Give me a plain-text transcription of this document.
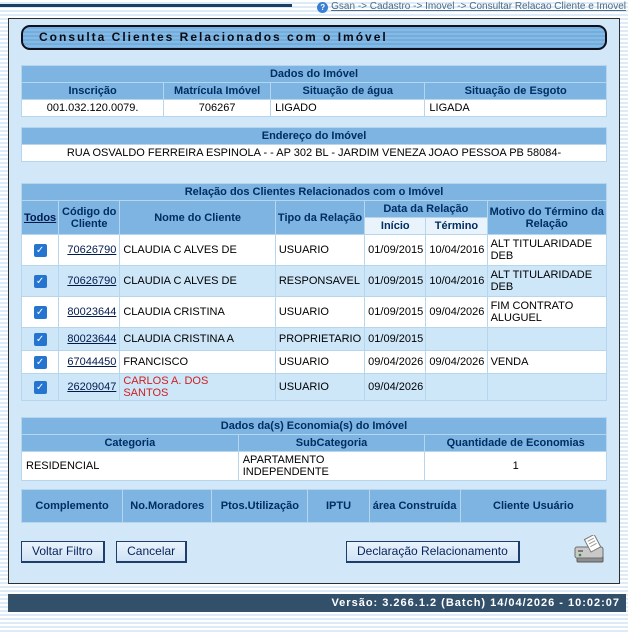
? Gsan -> Cadastro -> Imovel -> Consultar Relacao Cliente e Imovel
Consulta Clientes Relacionados com o Imóvel
Dados do Imóvel			
Inscrição	Matrícula Imóvel	Situação de água	Situação de Esgoto
001.032.120.0079.	706267	LIGADO	LIGADA
Endereço do Imóvel
RUA OSVALDO FERREIRA ESPINOLA - - AP 302 BL - JARDIM VENEZA JOAO PESSOA PB 58084-
Relação dos Clientes Relacionados com o Imóvel						
Todos	Código do Cliente	Nome do Cliente	Tipo da Relação	Data da Relação		Motivo do Término da Relação
				Início	Término	
✓	70626790	CLAUDIA C ALVES DE	USUARIO	01/09/2015	10/04/2016	ALT TITULARIDADE DEB
✓	70626790	CLAUDIA C ALVES DE	RESPONSAVEL	01/09/2015	10/04/2016	ALT TITULARIDADE DEB
✓	80023644	CLAUDIA CRISTINA	USUARIO	01/09/2015	09/04/2026	FIM CONTRATO ALUGUEL
✓	80023644	CLAUDIA CRISTINA A	PROPRIETARIO	01/09/2015		
✓	67044450	FRANCISCO	USUARIO	09/04/2026	09/04/2026	VENDA
✓	26209047	CARLOS A. DOS SANTOS	USUARIO	09/04/2026		
Dados da(s) Economia(s) do Imóvel		
Categoria	SubCategoria	Quantidade de Economias
RESIDENCIAL	APARTAMENTO INDEPENDENTE	1
Complemento	No.Moradores	Ptos.Utilização	IPTU	área Construída	Cliente Usuário
Voltar Filtro	Cancelar	Declaração Relacionamento
Versão: 3.266.1.2 (Batch) 14/04/2026 - 10:02:07
